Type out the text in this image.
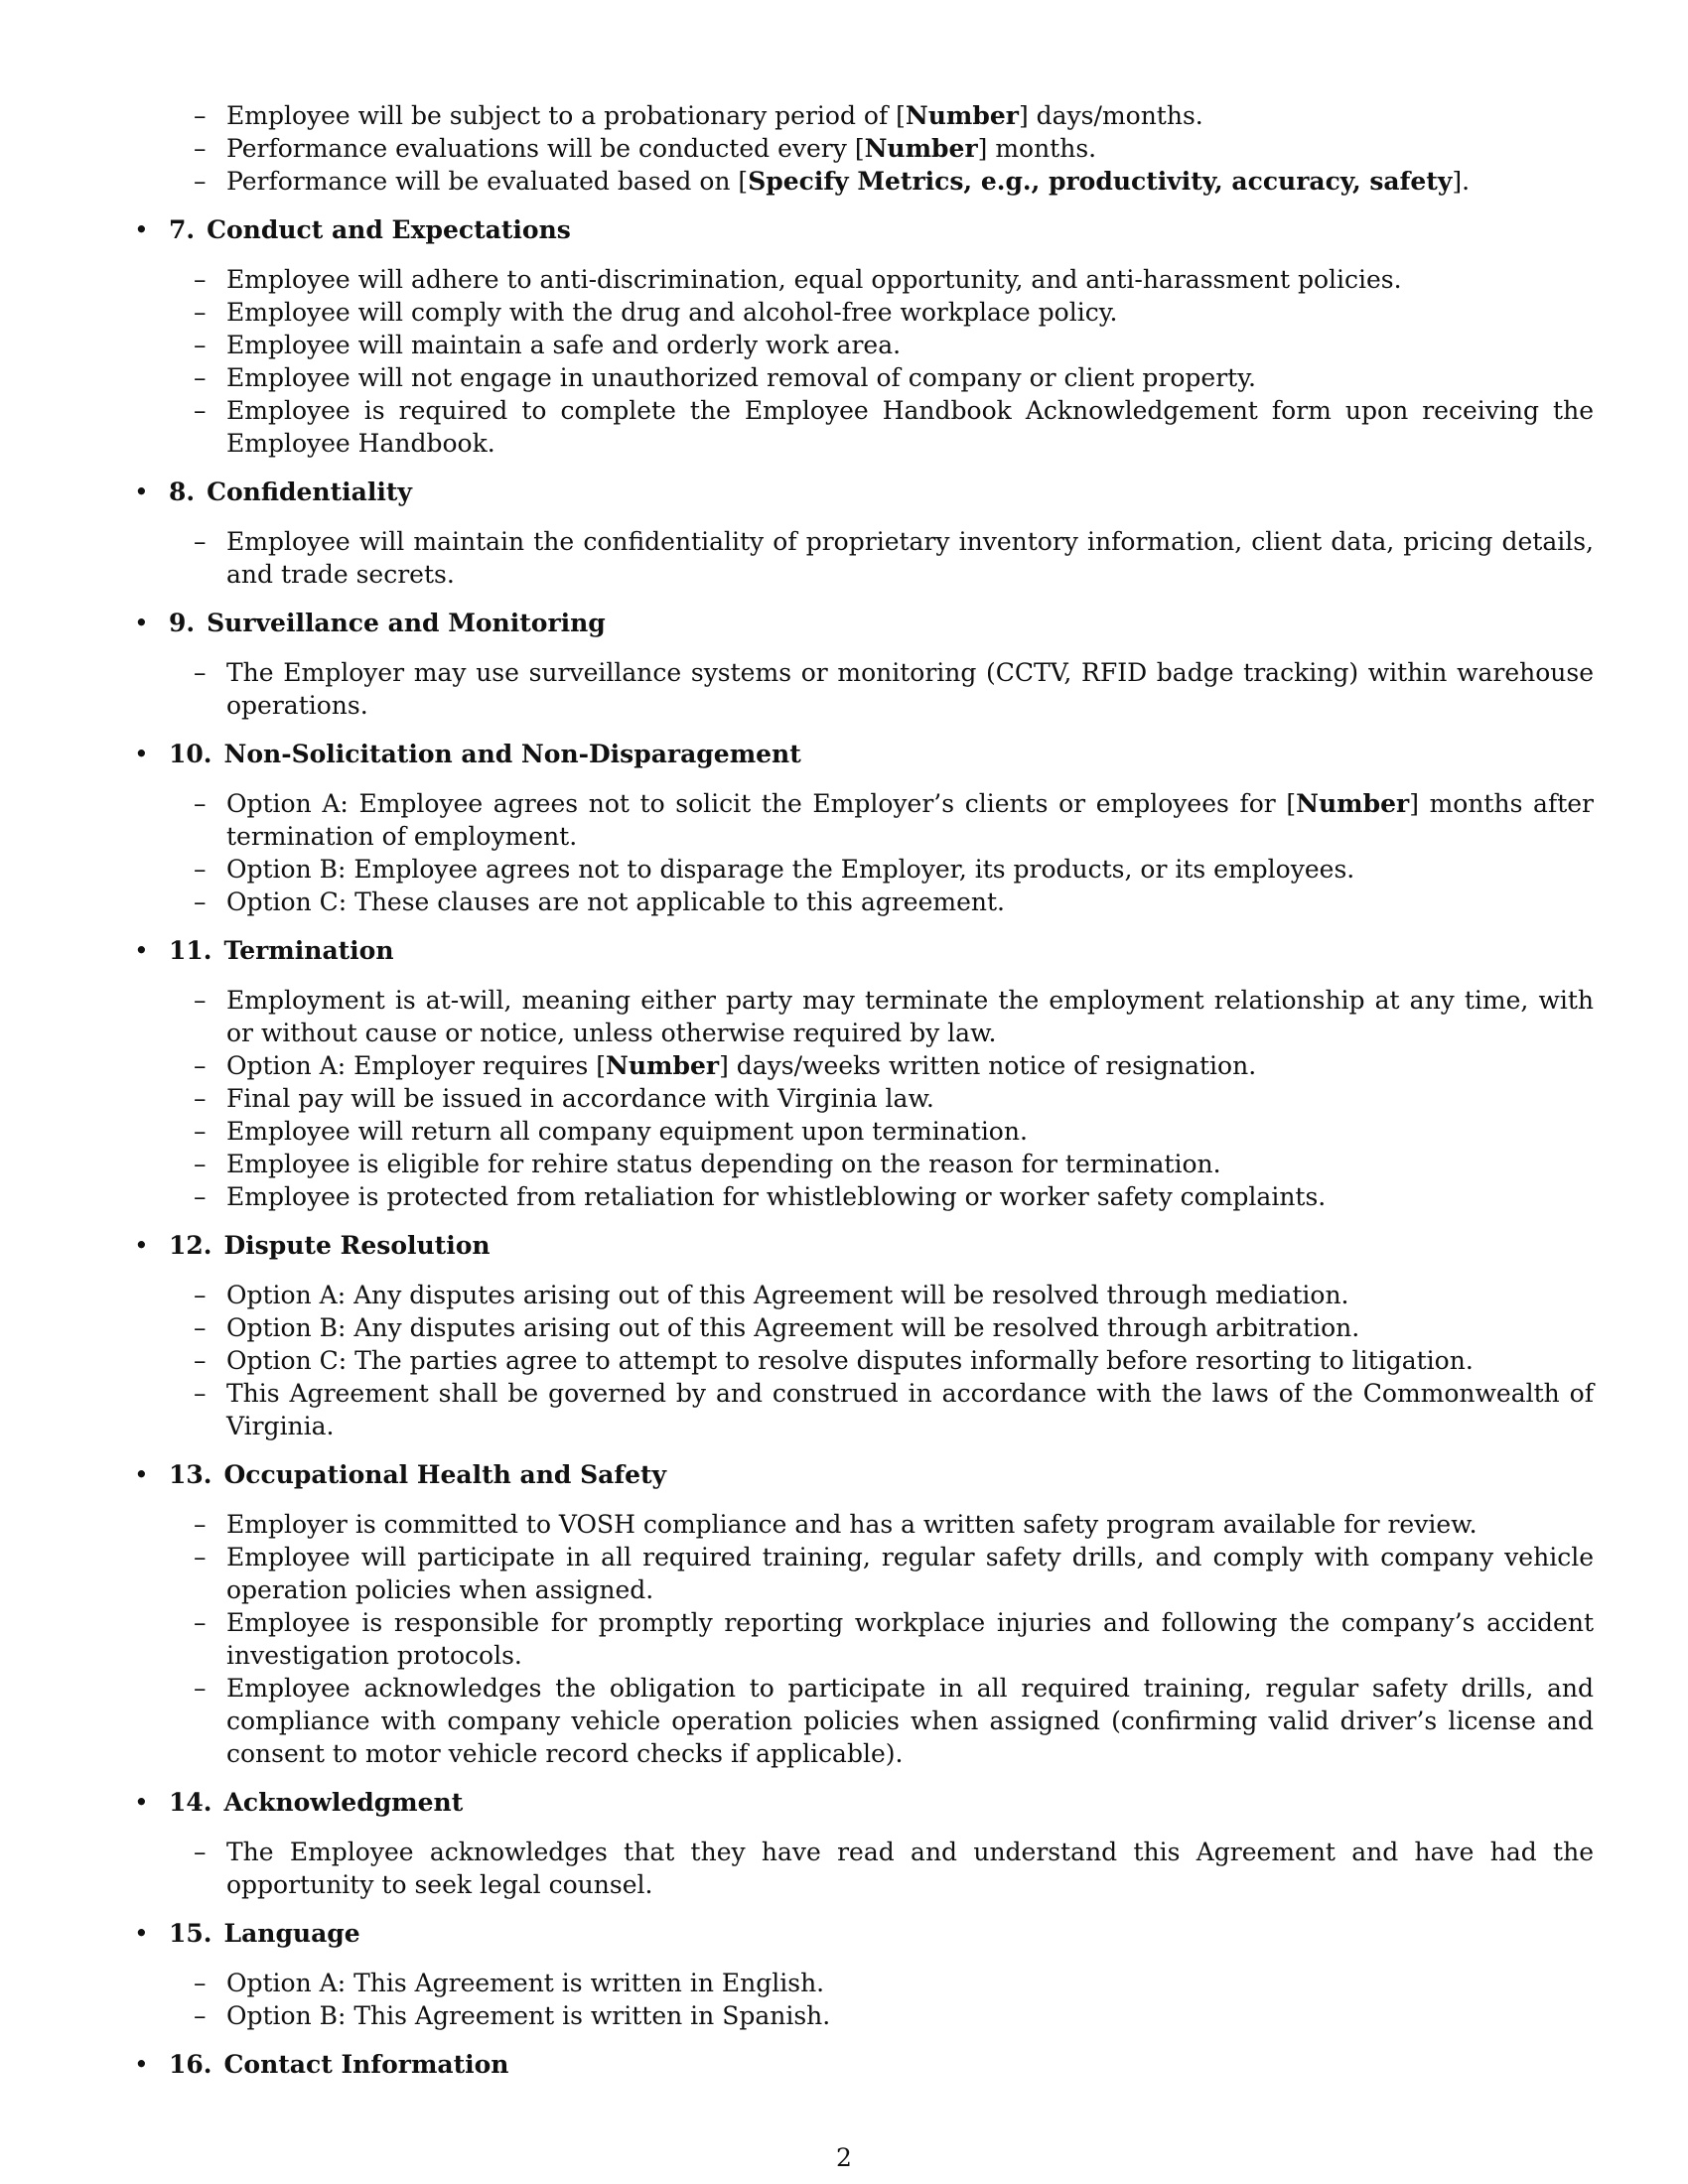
– Employee will be subject to a probationary period of [Number] days/months.
– Performance evaluations will be conducted every [Number] months.
– Performance will be evaluated based on [Specify Metrics, e.g., productivity, accuracy, safety].
• 7. Conduct and Expectations
– Employee will adhere to anti-discrimination, equal opportunity, and anti-harassment policies.
– Employee will comply with the drug and alcohol-free workplace policy.
– Employee will maintain a safe and orderly work area.
– Employee will not engage in unauthorized removal of company or client property.
– Employee is required to complete the Employee Handbook Acknowledgement form upon receiving the Employee Handbook.
• 8. Confidentiality
– Employee will maintain the confidentiality of proprietary inventory information, client data, pricing details, and trade secrets.
• 9. Surveillance and Monitoring
– The Employer may use surveillance systems or monitoring (CCTV, RFID badge tracking) within warehouse operations.
• 10. Non-Solicitation and Non-Disparagement
– Option A: Employee agrees not to solicit the Employer’s clients or employees for [Number] months after termination of employment.
– Option B: Employee agrees not to disparage the Employer, its products, or its employees.
– Option C: These clauses are not applicable to this agreement.
• 11. Termination
– Employment is at-will, meaning either party may terminate the employment relationship at any time, with or without cause or notice, unless otherwise required by law.
– Option A: Employer requires [Number] days/weeks written notice of resignation.
– Final pay will be issued in accordance with Virginia law.
– Employee will return all company equipment upon termination.
– Employee is eligible for rehire status depending on the reason for termination.
– Employee is protected from retaliation for whistleblowing or worker safety complaints.
• 12. Dispute Resolution
– Option A: Any disputes arising out of this Agreement will be resolved through mediation.
– Option B: Any disputes arising out of this Agreement will be resolved through arbitration.
– Option C: The parties agree to attempt to resolve disputes informally before resorting to litigation.
– This Agreement shall be governed by and construed in accordance with the laws of the Commonwealth of Virginia.
• 13. Occupational Health and Safety
– Employer is committed to VOSH compliance and has a written safety program available for review.
– Employee will participate in all required training, regular safety drills, and comply with company vehicle operation policies when assigned.
– Employee is responsible for promptly reporting workplace injuries and following the company’s accident investigation protocols.
– Employee acknowledges the obligation to participate in all required training, regular safety drills, and compliance with company vehicle operation policies when assigned (confirming valid driver’s license and consent to motor vehicle record checks if applicable).
• 14. Acknowledgment
– The Employee acknowledges that they have read and understand this Agreement and have had the opportunity to seek legal counsel.
• 15. Language
– Option A: This Agreement is written in English.
– Option B: This Agreement is written in Spanish.
• 16. Contact Information
2
